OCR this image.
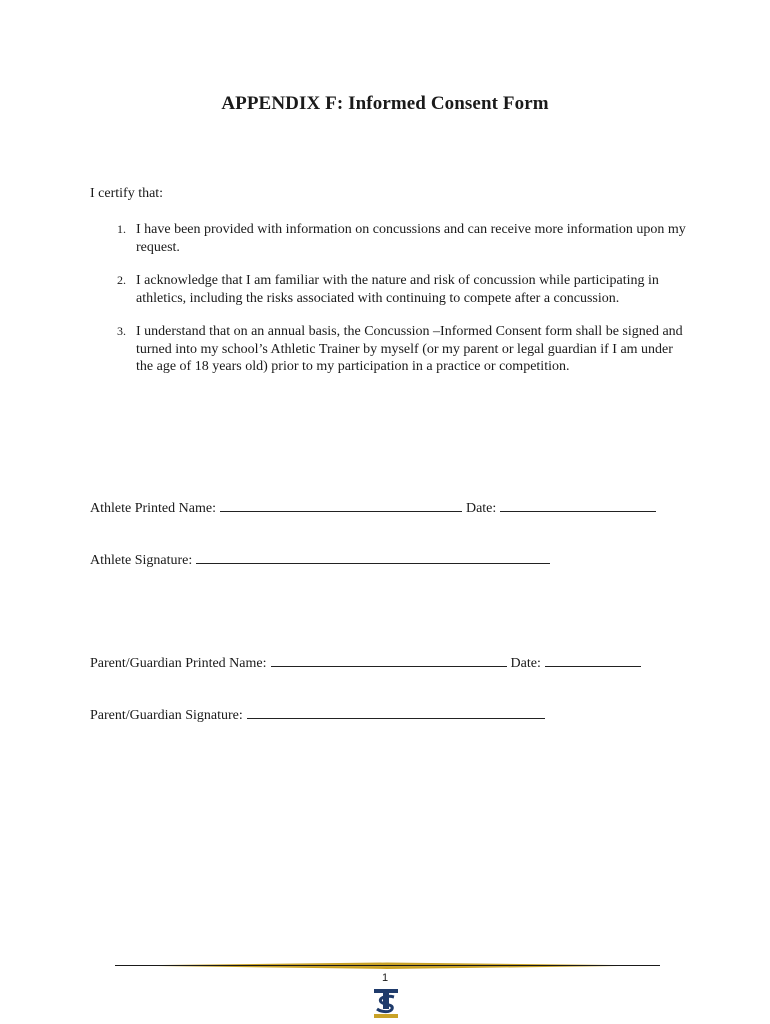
APPENDIX F: Informed Consent Form
I certify that:
1. I have been provided with information on concussions and can receive more information upon my request.
2. I acknowledge that I am familiar with the nature and risk of concussion while participating in athletics, including the risks associated with continuing to compete after a concussion.
3. I understand that on an annual basis, the Concussion –Informed Consent form shall be signed and turned into my school’s Athletic Trainer by myself (or my parent or legal guardian if I am under the age of 18 years old) prior to my participation in a practice or competition.
Athlete Printed Name:	Date:
Athlete Signature:
Parent/Guardian Printed Name:	Date:
Parent/Guardian Signature:
1
